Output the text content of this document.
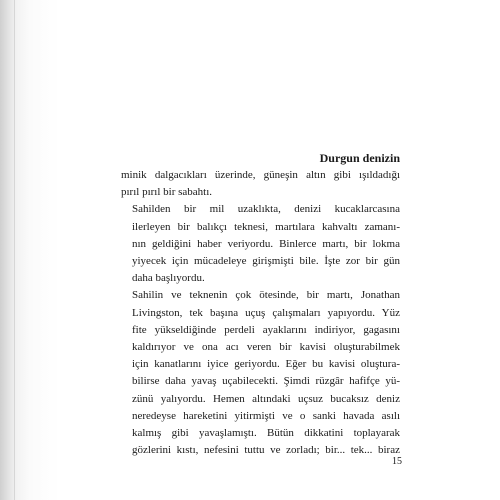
Durgun denizin

minik dalgacıkları üzerinde, güneşin altın gibi ışıldadığı
pırıl pırıl bir sabahtı.

Sahilden bir mil uzaklıkta, denizi kucaklarcasına
ilerleyen bir balıkçı teknesi, martılara kahvaltı zamanı-
nın geldiğini haber veriyordu. Binlerce martı, bir lokma
yiyecek için mücadeleye girişmişti bile. İşte zor bir gün
daha başlıyordu.

Sahilin ve teknenin çok ötesinde, bir martı, Jonathan
Livingston, tek başına uçuş çalışmaları yapıyordu. Yüz
fite yükseldiğinde perdeli ayaklarını indiriyor, gagasını
kaldırıyor ve ona acı veren bir kavisi oluşturabilmek
için kanatlarını iyice geriyordu. Eğer bu kavisi oluştura-
bilirse daha yavaş uçabilecekti. Şimdi rüzgâr hafifçe yü-
zünü yalıyordu. Hemen altındaki uçsuz bucaksız deniz
neredeyse hareketini yitirmişti ve o sanki havada asılı
kalmış gibi yavaşlamıştı. Bütün dikkatini toplayarak
gözlerini kıstı, nefesini tuttu ve zorladı; bir... tek... biraz

15
